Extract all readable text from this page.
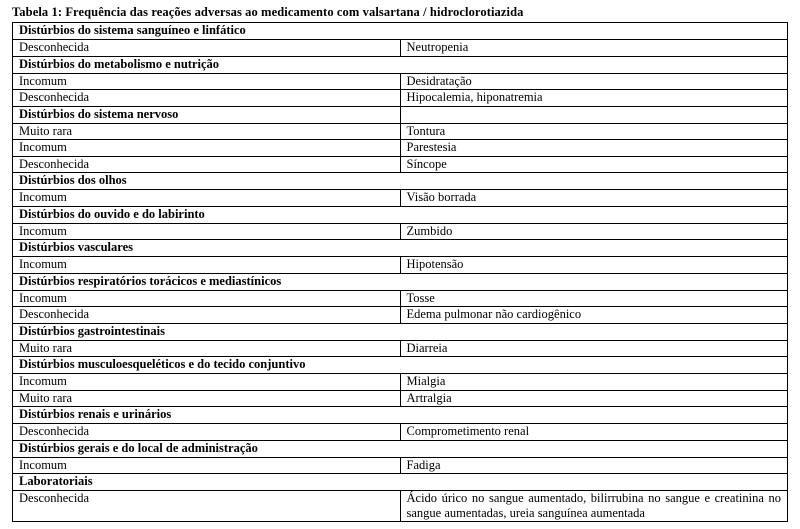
Tabela 1: Frequência das reações adversas ao medicamento com valsartana / hidroclorotiazida
Distúrbios do sistema sanguíneo e linfático	
Desconhecida	Neutropenia
Distúrbios do metabolismo e nutrição	
Incomum	Desidratação
Desconhecida	Hipocalemia, hiponatremia
Distúrbios do sistema nervoso	
Muito rara	Tontura
Incomum	Parestesia
Desconhecida	Síncope
Distúrbios dos olhos	
Incomum	Visão borrada
Distúrbios do ouvido e do labirinto	
Incomum	Zumbido
Distúrbios vasculares	
Incomum	Hipotensão
Distúrbios respiratórios torácicos e mediastínicos	
Incomum	Tosse
Desconhecida	Edema pulmonar não cardiogênico
Distúrbios gastrointestinais	
Muito rara	Diarreia
Distúrbios musculoesqueléticos e do tecido conjuntivo	
Incomum	Mialgia
Muito rara	Artralgia
Distúrbios renais e urinários	
Desconhecida	Comprometimento renal
Distúrbios gerais e do local de administração	
Incomum	Fadiga
Laboratoriais	
Desconhecida	Ácido úrico no sangue aumentado, bilirrubina no sangue e creatinina no sangue aumentadas, ureia sanguínea aumentada
